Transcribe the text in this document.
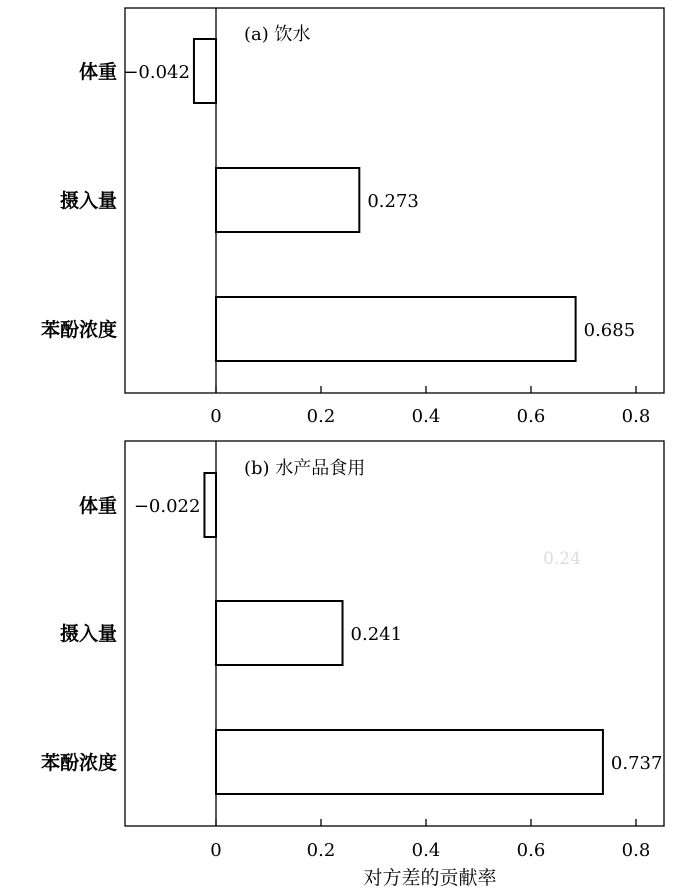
0	0.2	0.4	0.6	0.8
(a) 饮水
体重 −0.042
摄入量	0.273
苯酚浓度	0.685
0	0.2	0.4	0.6	0.8
(b) 水产品食用
体重 −0.022
摄入量	0.241
苯酚浓度	0.737
对方差的贡献率
0.24
